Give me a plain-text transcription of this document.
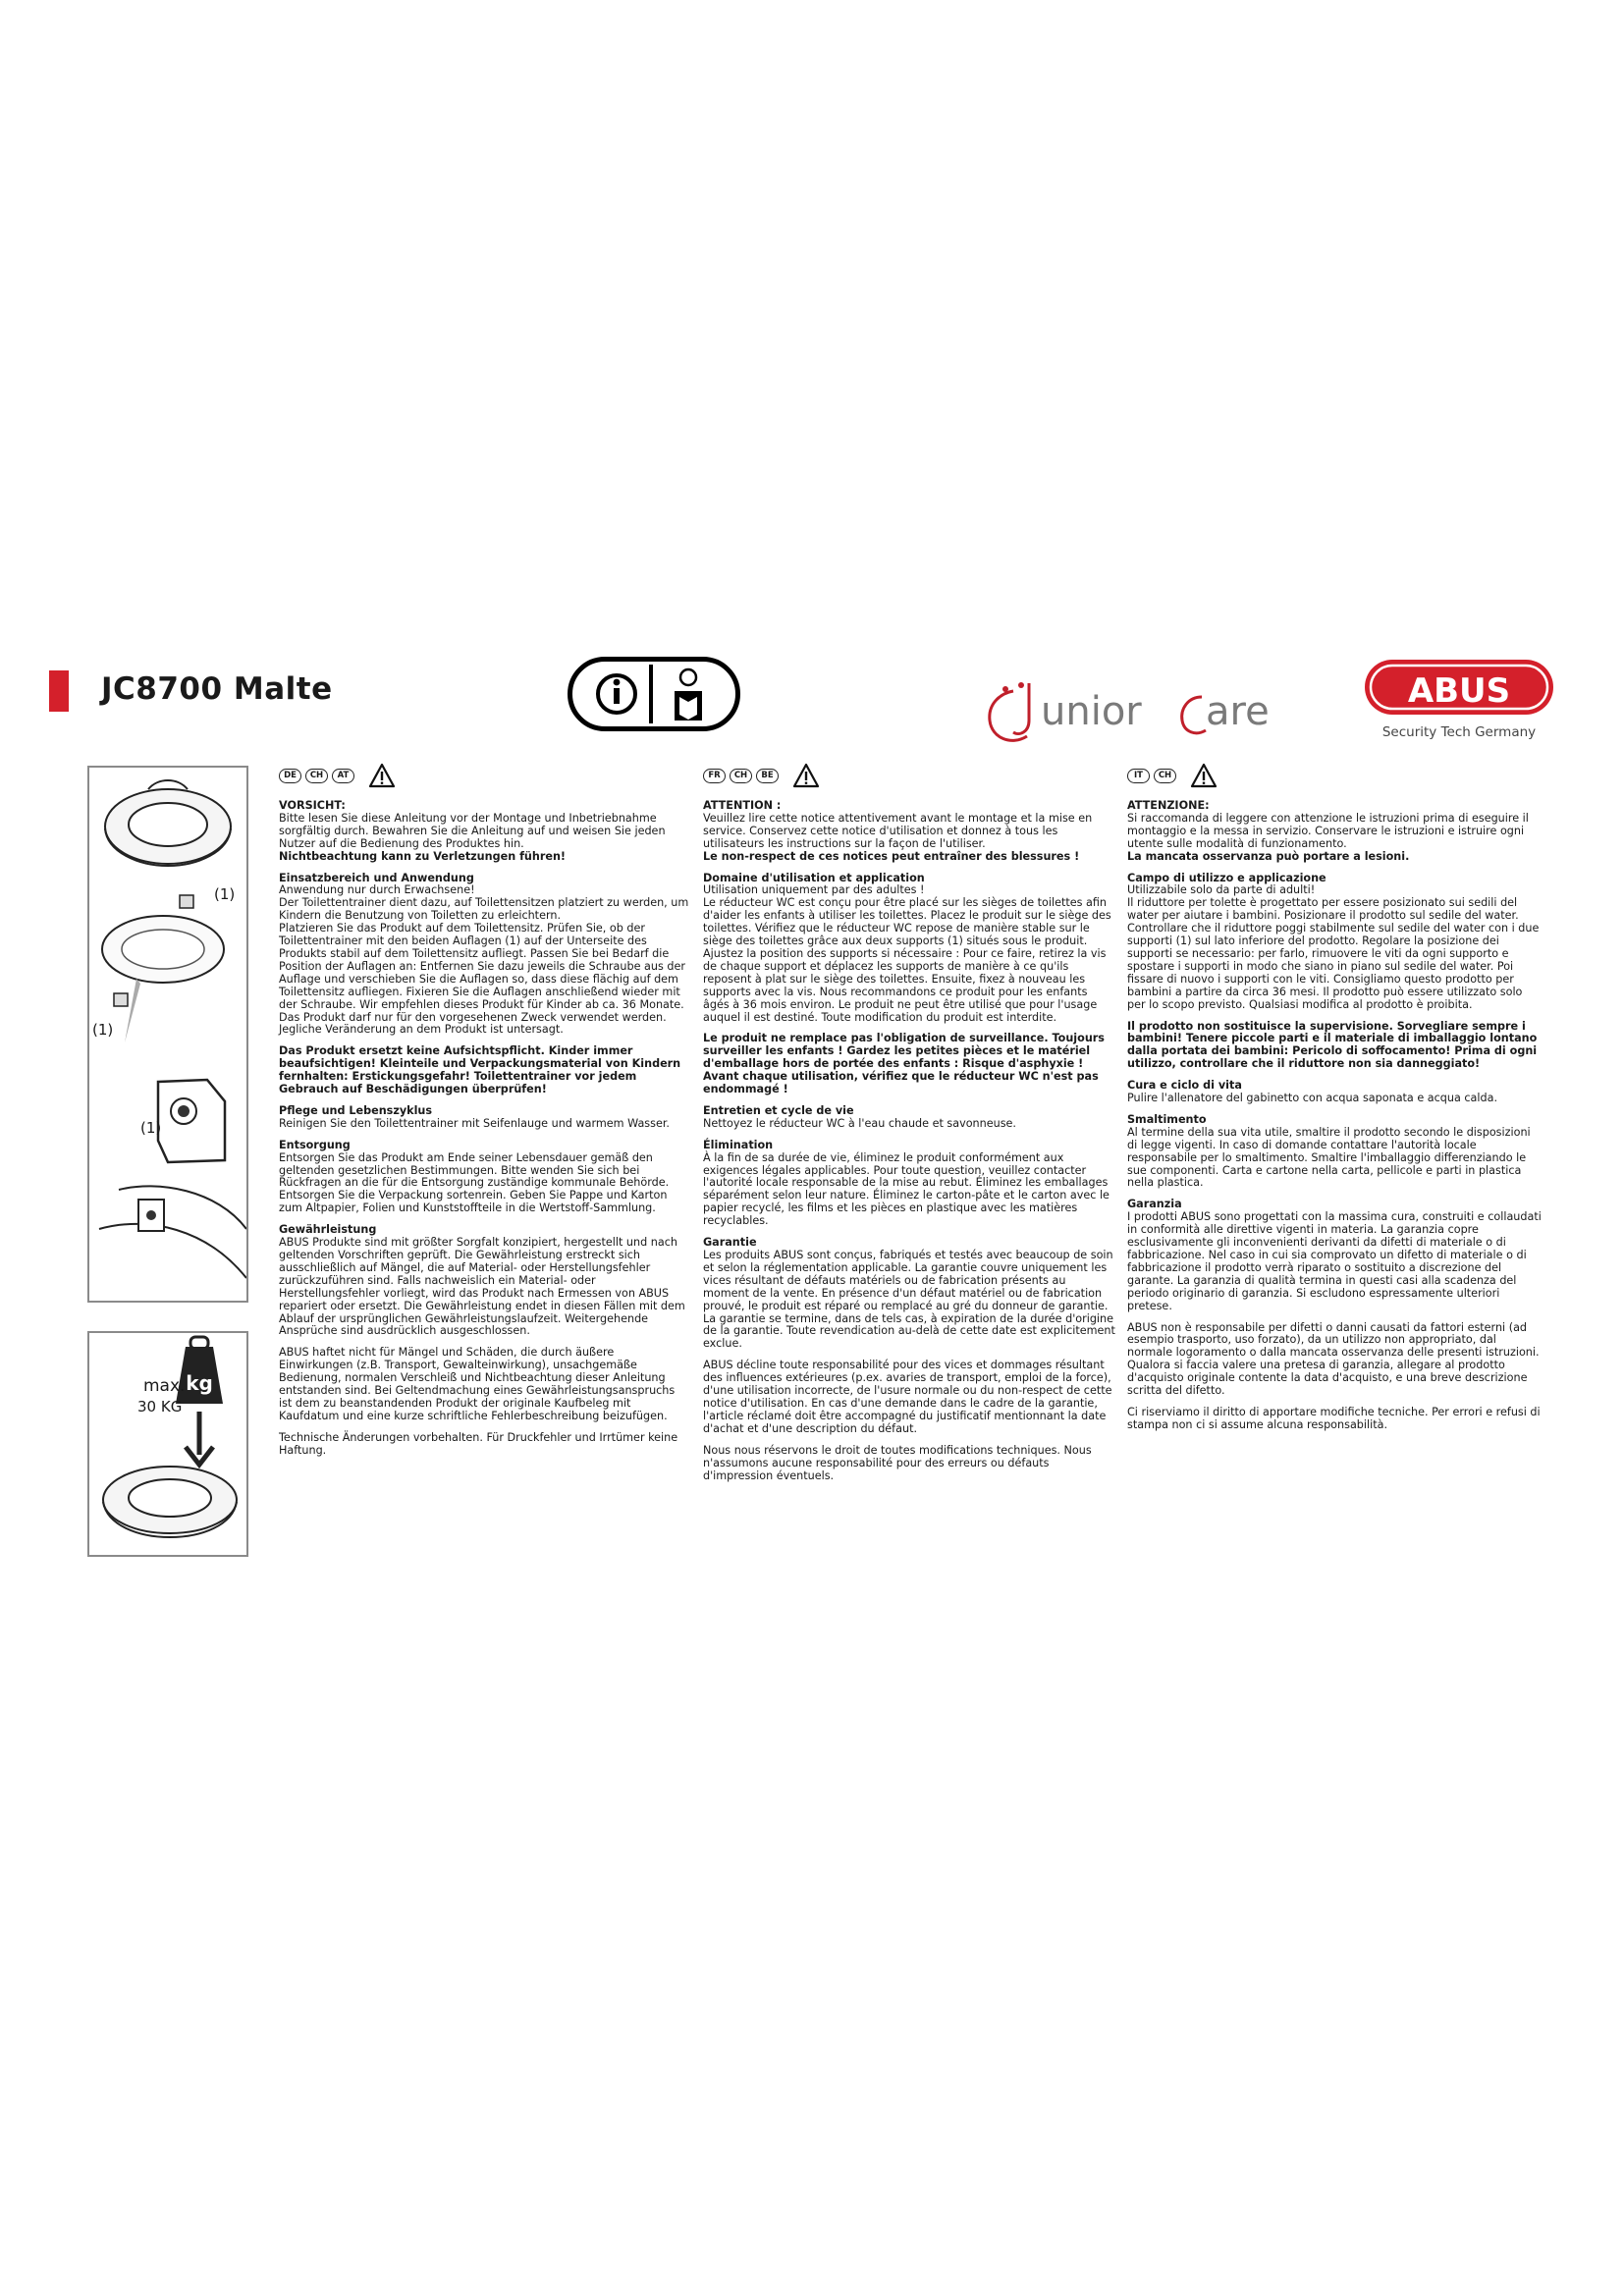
JC8700 Malte	unior are	ABUS
Security Tech Germany
(1)
(1)
(1)
kg
max.
30 KG
DE	CH	AT

VORSICHT:

Bitte lesen Sie diese Anleitung vor der Montage und Inbetriebnahme sorgfältig durch. Bewahren Sie die Anleitung auf und weisen Sie jeden Nutzer auf die Bedienung des Produktes hin.

Nichtbeachtung kann zu Verletzungen führen!

Einsatzbereich und Anwendung

Anwendung nur durch Erwachsene!

Der Toilettentrainer dient dazu, auf Toilettensitzen platziert zu werden, um Kindern die Benutzung von Toiletten zu erleichtern.

Platzieren Sie das Produkt auf dem Toilettensitz. Prüfen Sie, ob der Toilettentrainer mit den beiden Auflagen (1) auf der Unterseite des Produkts stabil auf dem Toilettensitz aufliegt. Passen Sie bei Bedarf die Position der Auflagen an: Entfernen Sie dazu jeweils die Schraube aus der Auflage und verschieben Sie die Auflagen so, dass diese flächig auf dem Toilettensitz aufliegen. Fixieren Sie die Auflagen anschließend wieder mit der Schraube. Wir empfehlen dieses Produkt für Kinder ab ca. 36 Monate. Das Produkt darf nur für den vorgesehenen Zweck verwendet werden. Jegliche Veränderung an dem Produkt ist untersagt.

Das Produkt ersetzt keine Aufsichtspflicht. Kinder immer beaufsichtigen! Kleinteile und Verpackungsmaterial von Kindern fernhalten: Erstickungsgefahr! Toilettentrainer vor jedem Gebrauch auf Beschädigungen überprüfen!

Pflege und Lebenszyklus

Reinigen Sie den Toilettentrainer mit Seifenlauge und warmem Wasser.

Entsorgung

Entsorgen Sie das Produkt am Ende seiner Lebensdauer gemäß den geltenden gesetzlichen Bestimmungen. Bitte wenden Sie sich bei Rückfragen an die für die Entsorgung zuständige kommunale Behörde. Entsorgen Sie die Verpackung sortenrein. Geben Sie Pappe und Karton zum Altpapier, Folien und Kunststoffteile in die Wertstoff-Sammlung.

Gewährleistung

ABUS Produkte sind mit größter Sorgfalt konzipiert, hergestellt und nach geltenden Vorschriften geprüft. Die Gewährleistung erstreckt sich ausschließlich auf Mängel, die auf Material- oder Herstellungsfehler zurückzuführen sind. Falls nachweislich ein Material- oder Herstellungsfehler vorliegt, wird das Produkt nach Ermessen von ABUS repariert oder ersetzt. Die Gewährleistung endet in diesen Fällen mit dem Ablauf der ursprünglichen Gewährleistungslaufzeit. Weitergehende Ansprüche sind ausdrücklich ausgeschlossen.

ABUS haftet nicht für Mängel und Schäden, die durch äußere Einwirkungen (z.B. Transport, Gewalteinwirkung), unsachgemäße Bedienung, normalen Verschleiß und Nichtbeachtung dieser Anleitung entstanden sind. Bei Geltendmachung eines Gewährleistungsanspruchs ist dem zu beanstandenden Produkt der originale Kaufbeleg mit Kaufdatum und eine kurze schriftliche Fehlerbeschreibung beizufügen.

Technische Änderungen vorbehalten. Für Druckfehler und Irrtümer keine Haftung.

FR	CH	BE

ATTENTION :

Veuillez lire cette notice attentivement avant le montage et la mise en service. Conservez cette notice d'utilisation et donnez à tous les utilisateurs les instructions sur la façon de l'utiliser.

Le non-respect de ces notices peut entraîner des blessures !

Domaine d'utilisation et application

Utilisation uniquement par des adultes !

Le réducteur WC est conçu pour être placé sur les sièges de toilettes afin d'aider les enfants à utiliser les toilettes. Placez le produit sur le siège des toilettes. Vérifiez que le réducteur WC repose de manière stable sur le siège des toilettes grâce aux deux supports (1) situés sous le produit. Ajustez la position des supports si nécessaire : Pour ce faire, retirez la vis de chaque support et déplacez les supports de manière à ce qu'ils reposent à plat sur le siège des toilettes. Ensuite, fixez à nouveau les supports avec la vis. Nous recommandons ce produit pour les enfants âgés à 36 mois environ. Le produit ne peut être utilisé que pour l'usage auquel il est destiné. Toute modification du produit est interdite.

Le produit ne remplace pas l'obligation de surveillance. Toujours surveiller les enfants ! Gardez les petites pièces et le matériel d'emballage hors de portée des enfants : Risque d'asphyxie ! Avant chaque utilisation, vérifiez que le réducteur WC n'est pas endommagé !

Entretien et cycle de vie

Nettoyez le réducteur WC à l'eau chaude et savonneuse.

Élimination

À la fin de sa durée de vie, éliminez le produit conformément aux exigences légales applicables. Pour toute question, veuillez contacter l'autorité locale responsable de la mise au rebut. Éliminez les emballages séparément selon leur nature. Éliminez le carton-pâte et le carton avec le papier recyclé, les films et les pièces en plastique avec les matières recyclables.

Garantie

Les produits ABUS sont conçus, fabriqués et testés avec beaucoup de soin et selon la réglementation applicable. La garantie couvre uniquement les vices résultant de défauts matériels ou de fabrication présents au moment de la vente. En présence d'un défaut matériel ou de fabrication prouvé, le produit est réparé ou remplacé au gré du donneur de garantie. La garantie se termine, dans de tels cas, à expiration de la durée d'origine de la garantie. Toute revendication au-delà de cette date est explicitement exclue.

ABUS décline toute responsabilité pour des vices et dommages résultant des influences extérieures (p.ex. avaries de transport, emploi de la force), d'une utilisation incorrecte, de l'usure normale ou du non-respect de cette notice d'utilisation. En cas d'une demande dans le cadre de la garantie, l'article réclamé doit être accompagné du justificatif mentionnant la date d'achat et d'une description du défaut.

Nous nous réservons le droit de toutes modifications techniques. Nous n'assumons aucune responsabilité pour des erreurs ou défauts d'impression éventuels.

IT	CH

ATTENZIONE:

Si raccomanda di leggere con attenzione le istruzioni prima di eseguire il montaggio e la messa in servizio. Conservare le istruzioni e istruire ogni utente sulle modalità di funzionamento.

La mancata osservanza può portare a lesioni.

Campo di utilizzo e applicazione

Utilizzabile solo da parte di adulti!

Il riduttore per tolette è progettato per essere posizionato sui sedili del water per aiutare i bambini. Posizionare il prodotto sul sedile del water. Controllare che il riduttore poggi stabilmente sul sedile del water con i due supporti (1) sul lato inferiore del prodotto. Regolare la posizione dei supporti se necessario: per farlo, rimuovere le viti da ogni supporto e spostare i supporti in modo che siano in piano sul sedile del water. Poi fissare di nuovo i supporti con le viti. Consigliamo questo prodotto per bambini a partire da circa 36 mesi. Il prodotto può essere utilizzato solo per lo scopo previsto. Qualsiasi modifica al prodotto è proibita.

Il prodotto non sostituisce la supervisione. Sorvegliare sempre i bambini! Tenere piccole parti e il materiale di imballaggio lontano dalla portata dei bambini: Pericolo di soffocamento! Prima di ogni utilizzo, controllare che il riduttore non sia danneggiato!

Cura e ciclo di vita

Pulire l'allenatore del gabinetto con acqua saponata e acqua calda.

Smaltimento

Al termine della sua vita utile, smaltire il prodotto secondo le disposizioni di legge vigenti. In caso di domande contattare l'autorità locale responsabile per lo smaltimento. Smaltire l'imballaggio differenziando le sue componenti. Carta e cartone nella carta, pellicole e parti in plastica nella plastica.

Garanzia

I prodotti ABUS sono progettati con la massima cura, construiti e collaudati in conformità alle direttive vigenti in materia. La garanzia copre esclusivamente gli inconvenienti derivanti da difetti di materiale o di fabbricazione. Nel caso in cui sia comprovato un difetto di materiale o di fabbricazione il prodotto verrà riparato o sostituito a discrezione del garante. La garanzia di qualità termina in questi casi alla scadenza del periodo originario di garanzia. Si escludono espressamente ulteriori pretese.

ABUS non è responsabile per difetti o danni causati da fattori esterni (ad esempio trasporto, uso forzato), da un utilizzo non appropriato, dal normale logoramento o dalla mancata osservanza delle presenti istruzioni. Qualora si faccia valere una pretesa di garanzia, allegare al prodotto d'acquisto originale contente la data d'acquisto, e una breve descrizione scritta del difetto.

Ci riserviamo il diritto di apportare modifiche tecniche. Per errori e refusi di stampa non ci si assume alcuna responsabilità.
